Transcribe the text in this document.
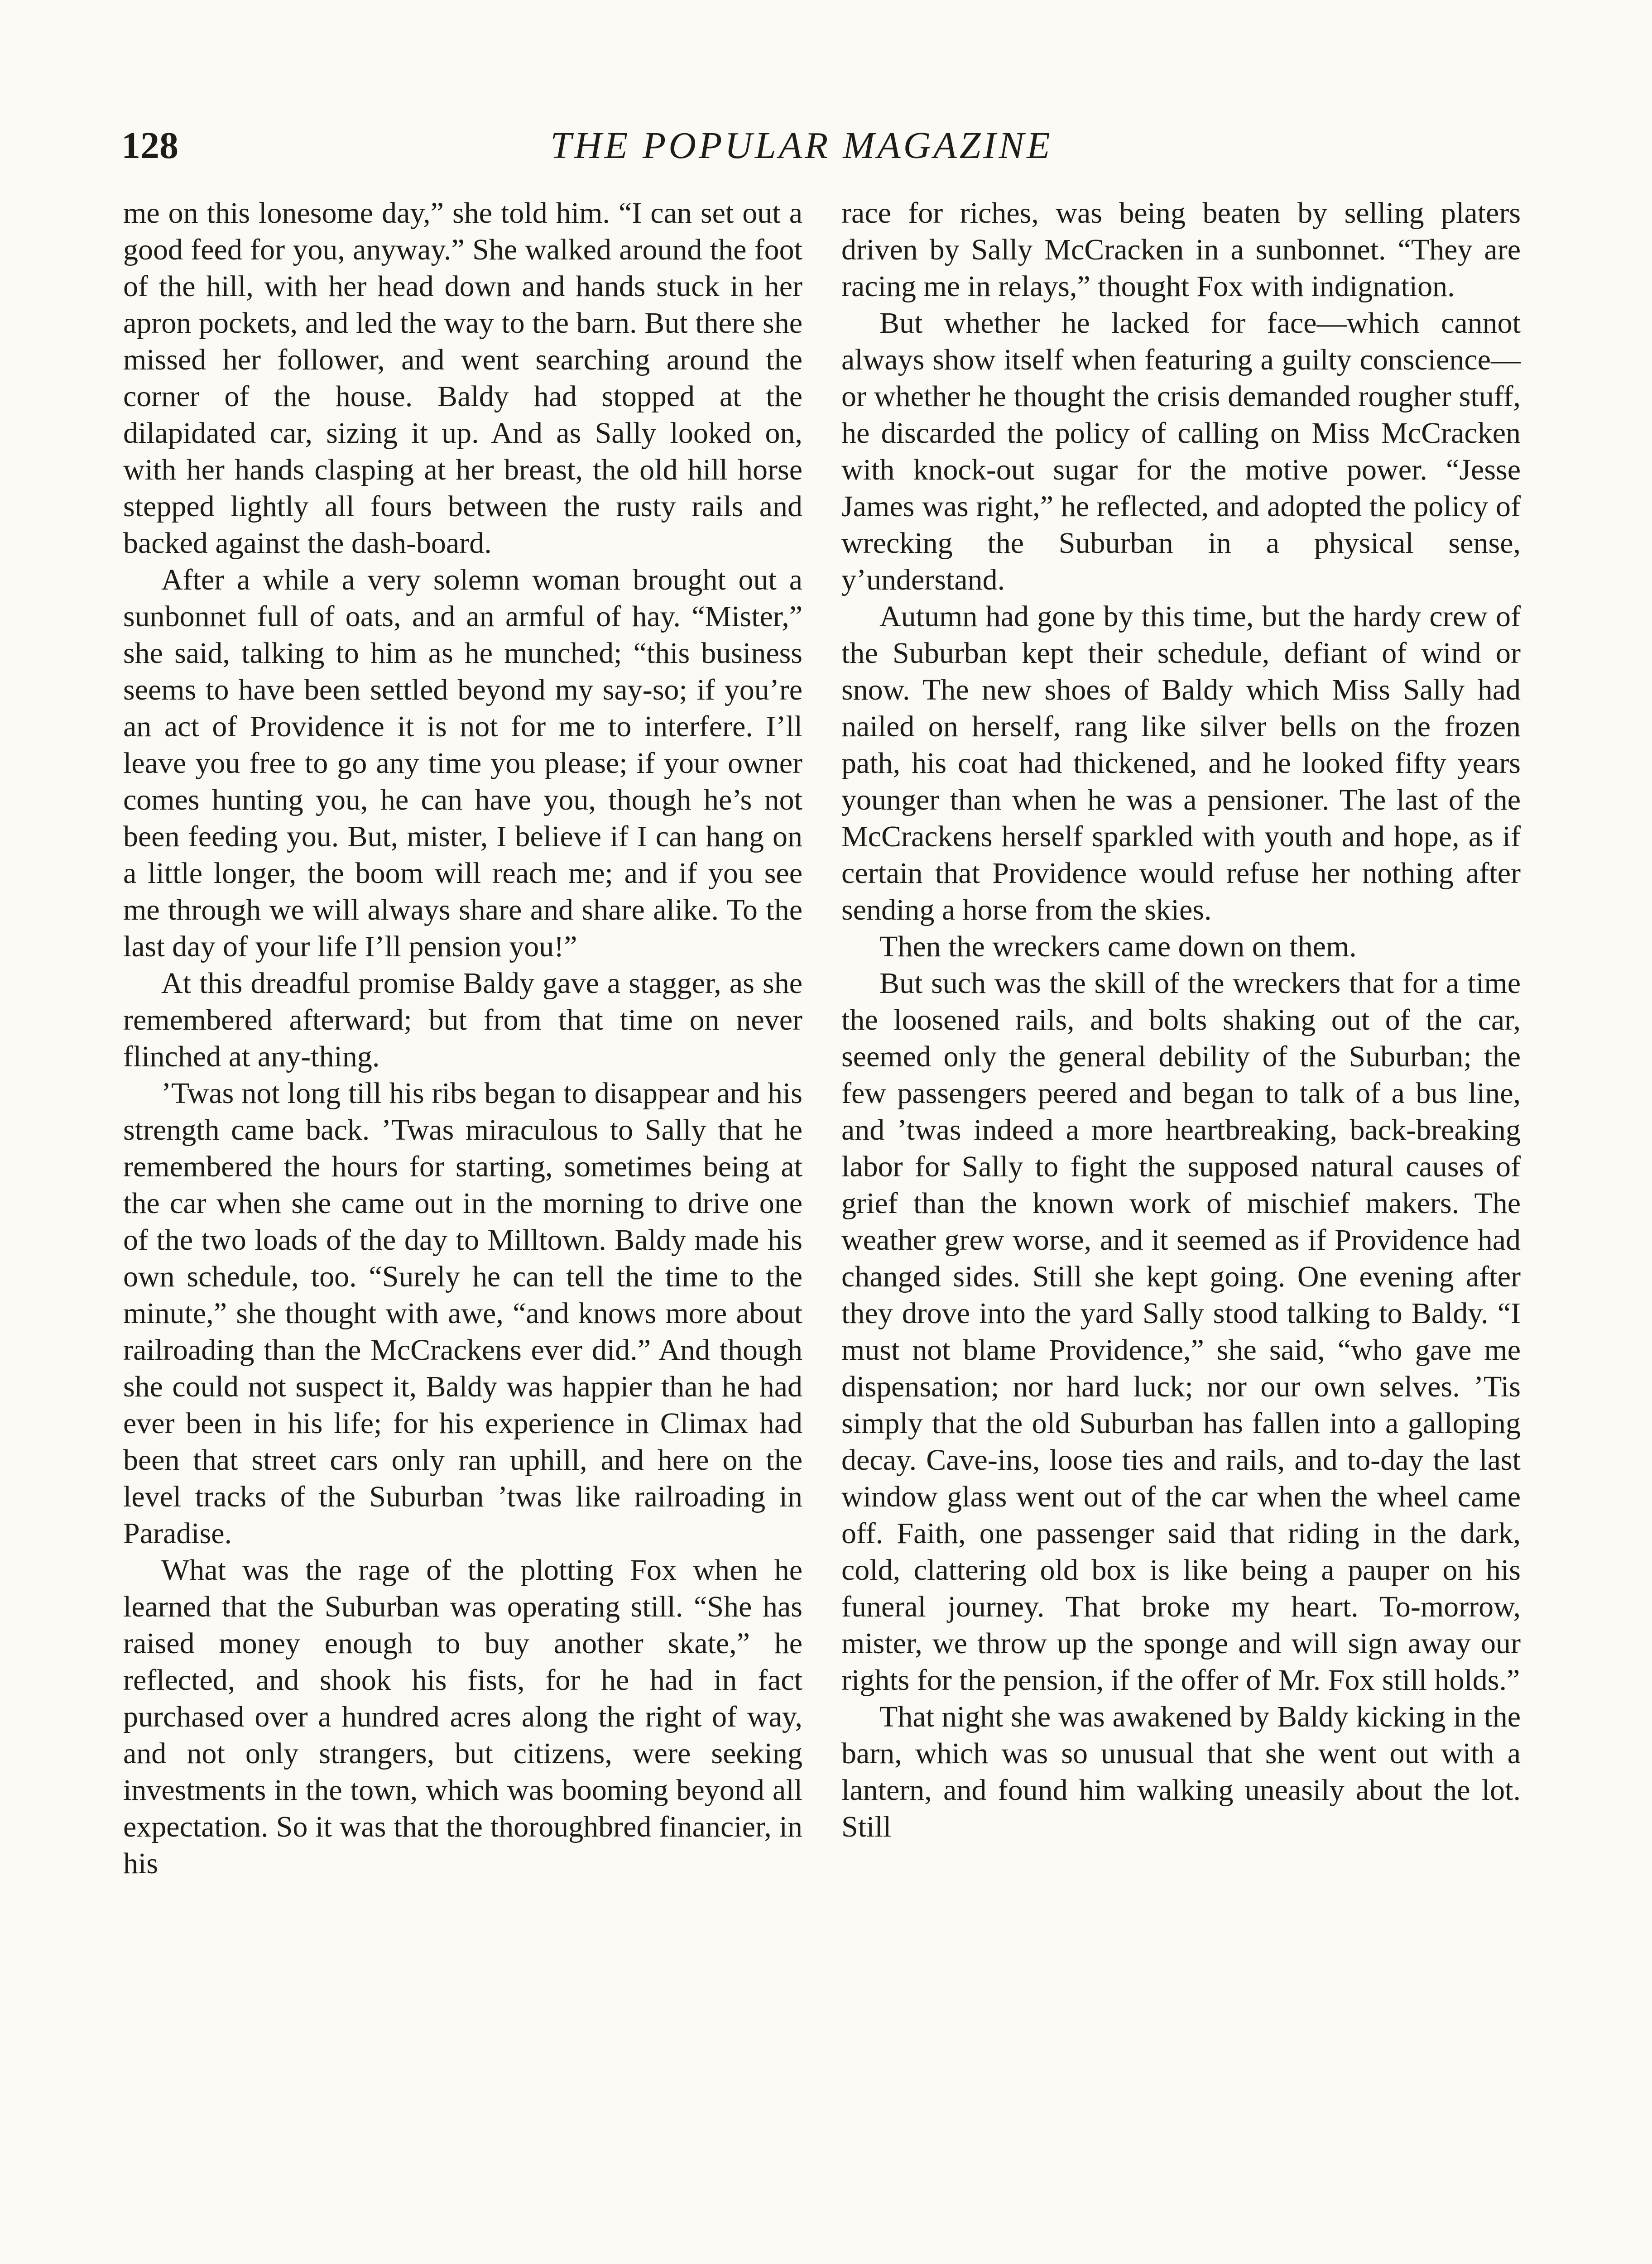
128	THE POPULAR MAGAZINE

me on this lonesome day,” she told him. “I can set out a good feed for you, anyway.” She walked around the foot of the hill, with her head down and hands stuck in her apron pockets, and led the way to the barn. But there she missed her follower, and went searching around the corner of the house. Baldy had stopped at the dilapidated car, sizing it up. And as Sally looked on, with her hands clasping at her breast, the old hill horse stepped lightly all fours between the rusty rails and backed against the dash-board.

After a while a very solemn woman brought out a sunbonnet full of oats, and an armful of hay. “Mister,” she said, talking to him as he munched; “this business seems to have been settled beyond my say-so; if you’re an act of Providence it is not for me to interfere. I’ll leave you free to go any time you please; if your owner comes hunting you, he can have you, though he’s not been feeding you. But, mister, I believe if I can hang on a little longer, the boom will reach me; and if you see me through we will always share and share alike. To the last day of your life I’ll pension you!”

At this dreadful promise Baldy gave a stagger, as she remembered afterward; but from that time on never flinched at any-thing.

’Twas not long till his ribs began to disappear and his strength came back. ’Twas miraculous to Sally that he remembered the hours for starting, sometimes being at the car when she came out in the morning to drive one of the two loads of the day to Milltown. Baldy made his own schedule, too. “Surely he can tell the time to the minute,” she thought with awe, “and knows more about railroading than the McCrackens ever did.” And though she could not suspect it, Baldy was happier than he had ever been in his life; for his experience in Climax had been that street cars only ran uphill, and here on the level tracks of the Suburban ’twas like railroading in Paradise.

What was the rage of the plotting Fox when he learned that the Suburban was operating still. “She has raised money enough to buy another skate,” he reflected, and shook his fists, for he had in fact purchased over a hundred acres along the right of way, and not only strangers, but citizens, were seeking investments in the town, which was booming beyond all expectation. So it was that the thoroughbred financier, in his

race for riches, was being beaten by selling platers driven by Sally McCracken in a sunbonnet. “They are racing me in relays,” thought Fox with indignation.

But whether he lacked for face—which cannot always show itself when featuring a guilty conscience—or whether he thought the crisis demanded rougher stuff, he discarded the policy of calling on Miss McCracken with knock-out sugar for the motive power. “Jesse James was right,” he reflected, and adopted the policy of wrecking the Suburban in a physical sense, y’understand.

Autumn had gone by this time, but the hardy crew of the Suburban kept their schedule, defiant of wind or snow. The new shoes of Baldy which Miss Sally had nailed on herself, rang like silver bells on the frozen path, his coat had thickened, and he looked fifty years younger than when he was a pensioner. The last of the McCrackens herself sparkled with youth and hope, as if certain that Providence would refuse her nothing after sending a horse from the skies.

Then the wreckers came down on them.

But such was the skill of the wreckers that for a time the loosened rails, and bolts shaking out of the car, seemed only the general debility of the Suburban; the few passengers peered and began to talk of a bus line, and ’twas indeed a more heartbreaking, back-breaking labor for Sally to fight the supposed natural causes of grief than the known work of mischief makers. The weather grew worse, and it seemed as if Providence had changed sides. Still she kept going. One evening after they drove into the yard Sally stood talking to Baldy. “I must not blame Providence,” she said, “who gave me dispensation; nor hard luck; nor our own selves. ’Tis simply that the old Suburban has fallen into a galloping decay. Cave-ins, loose ties and rails, and to-day the last window glass went out of the car when the wheel came off. Faith, one passenger said that riding in the dark, cold, clattering old box is like being a pauper on his funeral journey. That broke my heart. To-morrow, mister, we throw up the sponge and will sign away our rights for the pension, if the offer of Mr. Fox still holds.”

That night she was awakened by Baldy kicking in the barn, which was so unusual that she went out with a lantern, and found him walking uneasily about the lot. Still
